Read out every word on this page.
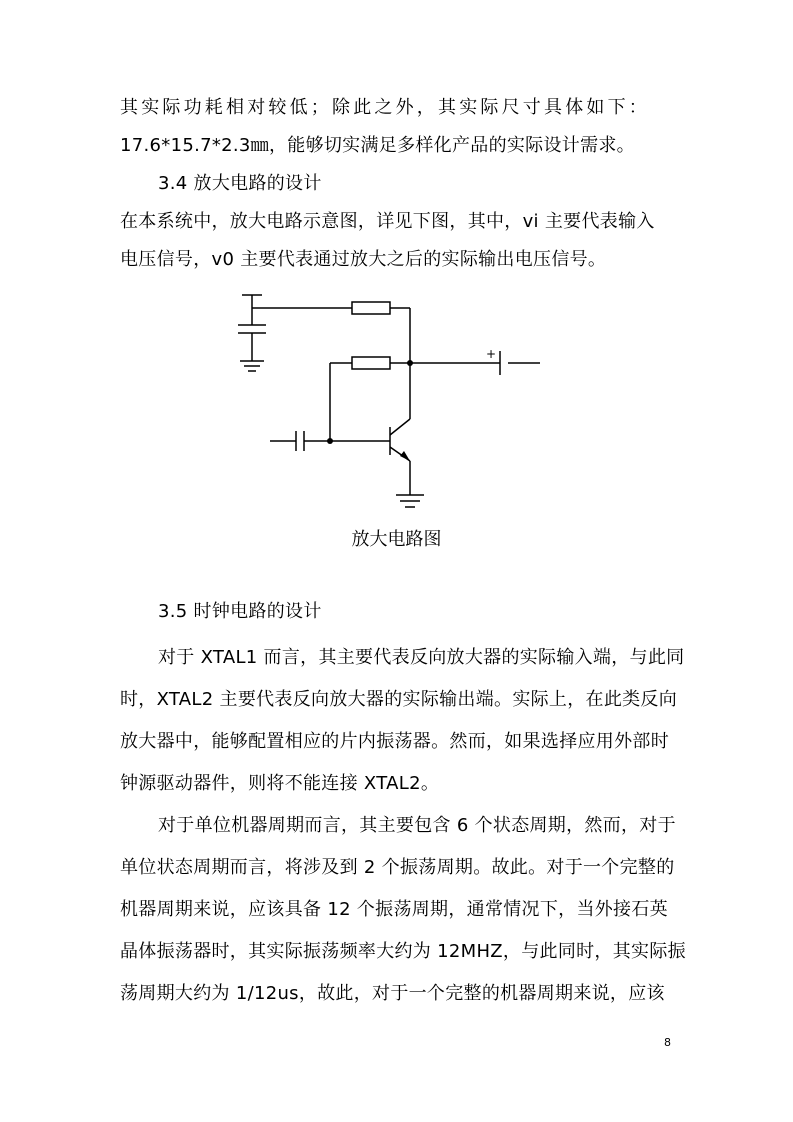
其实际功耗相对较低；除此之外，其实际尺寸具体如下：
17.6*15.7*2.3㎜，能够切实满足多样化产品的实际设计需求。
3.4 放大电路的设计
在本系统中，放大电路示意图，详见下图，其中，vi 主要代表输入
电压信号，v0 主要代表通过放大之后的实际输出电压信号。
+
放大电路图
3.5 时钟电路的设计
对于 XTAL1 而言，其主要代表反向放大器的实际输入端，与此同
时，XTAL2 主要代表反向放大器的实际输出端。实际上，在此类反向
放大器中，能够配置相应的片内振荡器。然而，如果选择应用外部时
钟源驱动器件，则将不能连接 XTAL2。
对于单位机器周期而言，其主要包含 6 个状态周期，然而，对于
单位状态周期而言，将涉及到 2 个振荡周期。故此。对于一个完整的
机器周期来说，应该具备 12 个振荡周期，通常情况下，当外接石英
晶体振荡器时，其实际振荡频率大约为 12MHZ，与此同时，其实际振
荡周期大约为 1/12us，故此，对于一个完整的机器周期来说，应该
8
